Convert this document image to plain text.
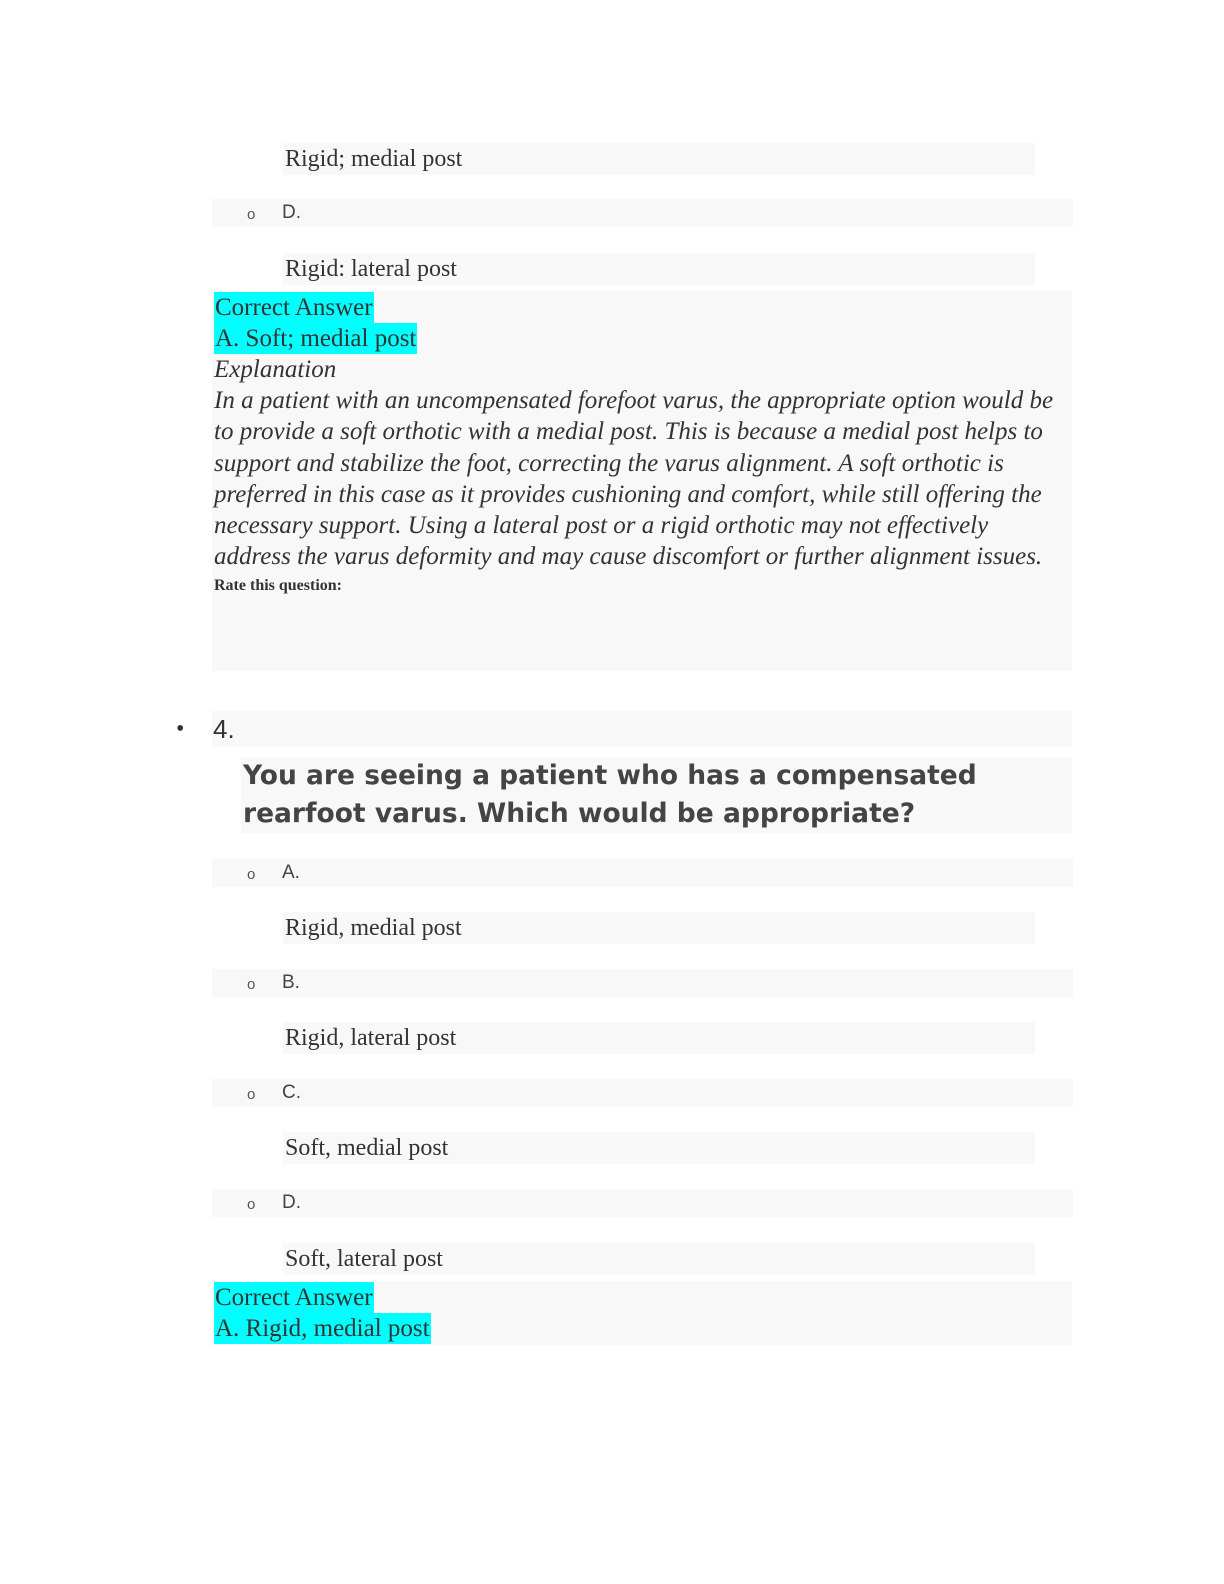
Rigid; medial post
o D.
Rigid: lateral post
Correct Answer
A. Soft; medial post

Explanation

In a patient with an uncompensated forefoot varus, the appropriate option would be to provide a soft orthotic with a medial post. This is because a medial post helps to support and stabilize the foot, correcting the varus alignment. A soft orthotic is preferred in this case as it provides cushioning and comfort, while still offering the necessary support. Using a lateral post or a rigid orthotic may not effectively address the varus deformity and may cause discomfort or further alignment issues.

Rate this question:
• 4.

You are seeing a patient who has a compensated rearfoot varus. Which would be appropriate?

o A.
Rigid, medial post
o B.
Rigid, lateral post
o C.
Soft, medial post
o D.
Soft, lateral post
Correct Answer
A. Rigid, medial post
